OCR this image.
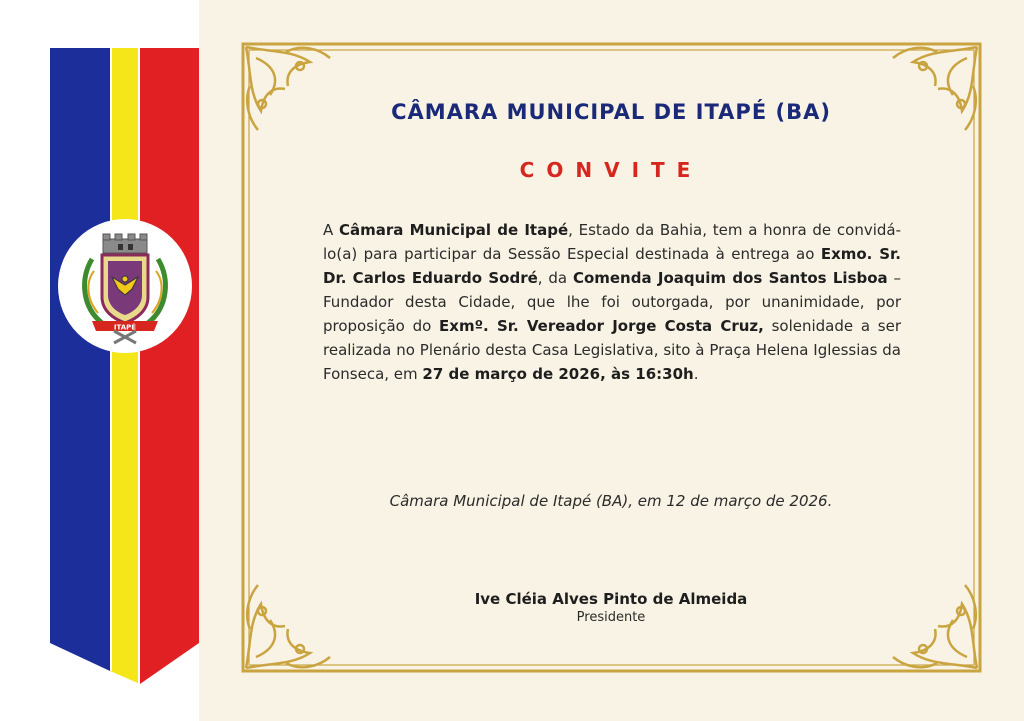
ITAPÉ
CÂMARA MUNICIPAL DE ITAPÉ (BA)
CONVITE
A Câmara Municipal de Itapé, Estado da Bahia, tem a honra de convidá-lo(a) para participar da Sessão Especial destinada à entrega ao Exmo. Sr. Dr. Carlos Eduardo Sodré, da Comenda Joaquim dos Santos Lisboa – Fundador desta Cidade, que lhe foi outorgada, por unanimidade, por proposição do Exmº. Sr. Vereador Jorge Costa Cruz, solenidade a ser realizada no Plenário desta Casa Legislativa, sito à Praça Helena Iglessias da Fonseca, em 27 de março de 2026, às 16:30h.
Câmara Municipal de Itapé (BA), em 12 de março de 2026.
Ive Cléia Alves Pinto de Almeida
Presidente
